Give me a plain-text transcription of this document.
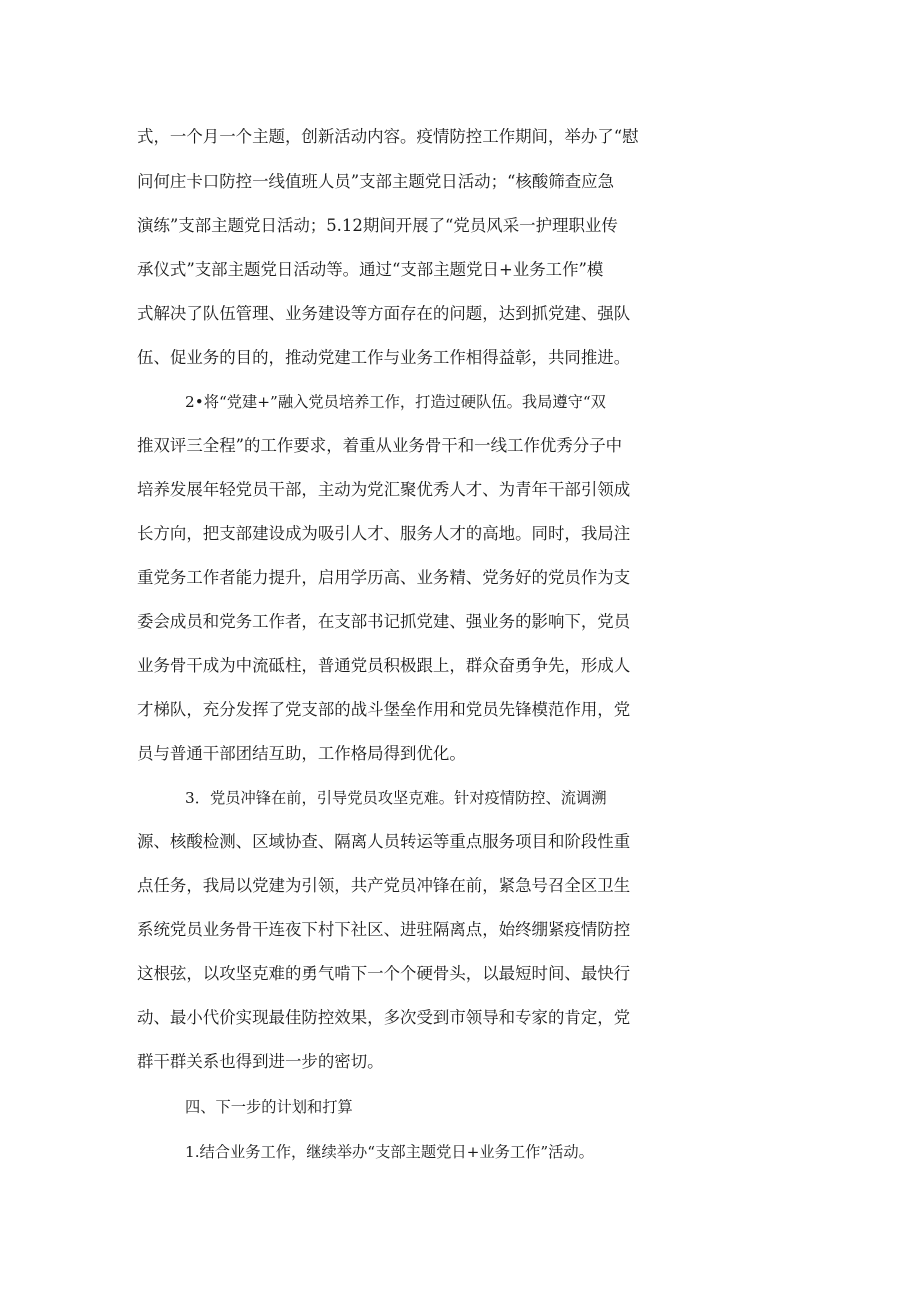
式，一个月一个主题，创新活动内容。疫情防控工作期间，举办了“慰
问何庄卡口防控一线值班人员”支部主题党日活动；“核酸筛查应急
演练”支部主题党日活动；5.12期间开展了“党员风采一护理职业传
承仪式”支部主题党日活动等。通过“支部主题党日+业务工作”模
式解决了队伍管理、业务建设等方面存在的问题，达到抓党建、强队
伍、促业务的目的，推动党建工作与业务工作相得益彰，共同推进。
2•将“党建+”融入党员培养工作，打造过硬队伍。我局遵守“双
推双评三全程”的工作要求，着重从业务骨干和一线工作优秀分子中
培养发展年轻党员干部，主动为党汇聚优秀人才、为青年干部引领成
长方向，把支部建设成为吸引人才、服务人才的高地。同时，我局注
重党务工作者能力提升，启用学历高、业务精、党务好的党员作为支
委会成员和党务工作者，在支部书记抓党建、强业务的影响下，党员
业务骨干成为中流砥柱，普通党员积极跟上，群众奋勇争先，形成人
才梯队，充分发挥了党支部的战斗堡垒作用和党员先锋模范作用，党
员与普通干部团结互助，工作格局得到优化。
3．党员冲锋在前，引导党员攻坚克难。针对疫情防控、流调溯
源、核酸检测、区域协查、隔离人员转运等重点服务项目和阶段性重
点任务，我局以党建为引领，共产党员冲锋在前，紧急号召全区卫生
系统党员业务骨干连夜下村下社区、进驻隔离点，始终绷紧疫情防控
这根弦，以攻坚克难的勇气啃下一个个硬骨头，以最短时间、最快行
动、最小代价实现最佳防控效果，多次受到市领导和专家的肯定，党
群干群关系也得到进一步的密切。
四、下一步的计划和打算
1.结合业务工作，继续举办“支部主题党日+业务工作”活动。
